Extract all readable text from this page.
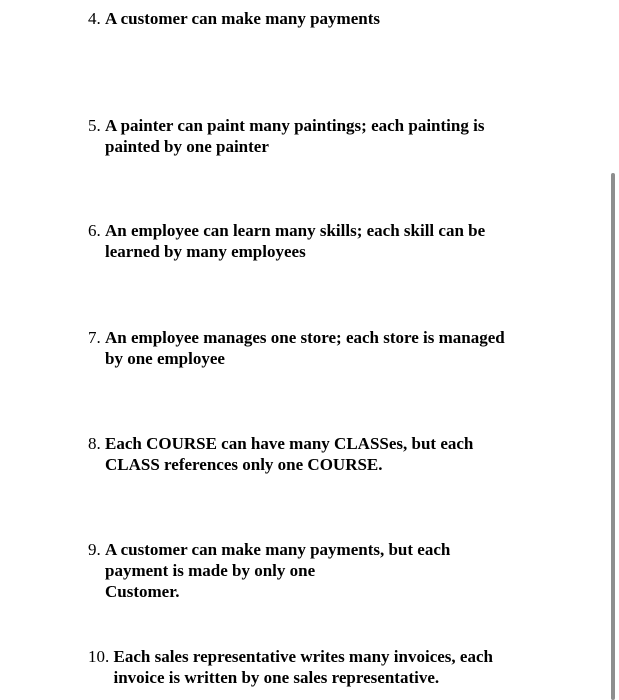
4. A customer can make many payments
5. A painter can paint many paintings; each painting is
painted by one painter
6. An employee can learn many skills; each skill can be
learned by many employees
7. An employee manages one store; each store is managed
by one employee
8. Each COURSE can have many CLASSes, but each
CLASS references only one COURSE.
9. A customer can make many payments, but each
payment is made by only one
Customer.
10. Each sales representative writes many invoices, each
invoice is written by one sales representative.
